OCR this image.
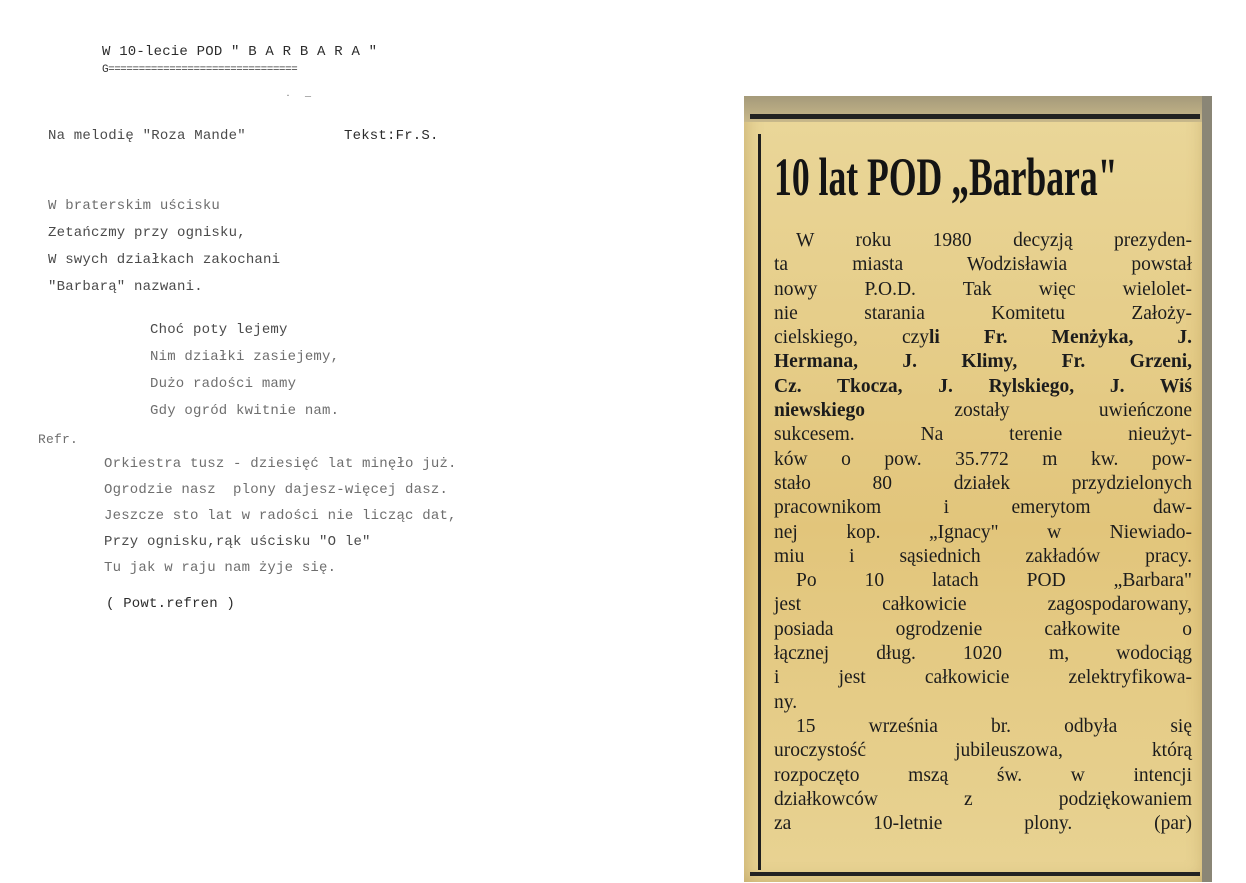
W 10-lecie POD " B A R B A R A "

G===============================

·     –

Na melodię "Roza Mande"	Tekst:Fr.S.

W braterskim uścisku

Zetańczmy przy ognisku,

W swych działkach zakochani

"Barbarą" nazwani.

Choć poty lejemy

Nim działki zasiejemy,

Dużo radości mamy

Gdy ogród kwitnie nam.

Refr.

Orkiestra tusz - dziesięć lat minęło już.

Ogrodzie nasz  plony dajesz-więcej dasz.

Jeszcze sto lat w radości nie licząc dat,

Przy ognisku,rąk uścisku "O le"

Tu jak w raju nam żyje się.

( Powt.refren )

10 lat POD „Barbara"
W roku 1980 decyzją prezyden-
ta miasta Wodzisławia powstał
nowy P.O.D. Tak więc wielolet-
nie starania Komitetu Założy-
cielskiego, czyli Fr. Menżyka, J.
Hermana, J. Klimy, Fr. Grzeni,
Cz. Tkocza, J. Rylskiego, J. Wiś
niewskiego zostały uwieńczone
sukcesem. Na terenie nieużyt-
ków o pow. 35.772 m kw. pow-
stało 80 działek przydzielonych
pracownikom i emerytom daw-
nej kop. „Ignacy" w Niewiado-
miu i sąsiednich zakładów pracy.
Po 10 latach POD „Barbara"
jest całkowicie zagospodarowany,
posiada ogrodzenie całkowite o
łącznej dług. 1020 m, wodociąg
i jest całkowicie zelektryfikowa-
ny.
15 września br. odbyła się
uroczystość jubileuszowa, którą
rozpoczęto mszą św. w intencji
działkowców z podziękowaniem
za 10-letnie plony. (par)
